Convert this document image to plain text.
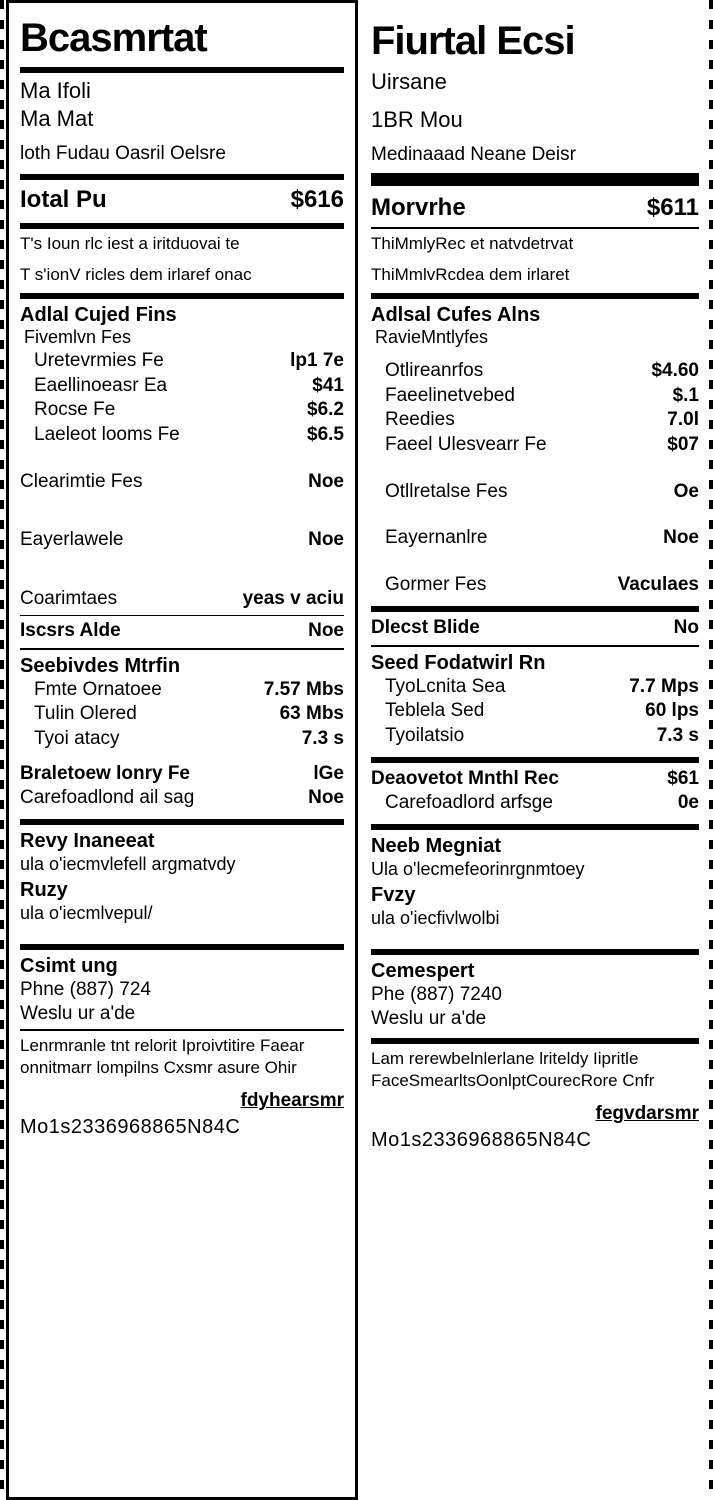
Bcasmrtat
Ma Ifoli
Ma Mat
loth Fudau Oasril Oelsre
Iotal Pu	$616
T's Ioun rlc iest a iritduovai te
T s'ionV ricles dem irlaref onac
Adlal Cujed Fins
Fivemlvn Fes
Uretevrmies Fe	lp1 7e
Eaellinoeasr Ea	$41
Rocse Fe	$6.2
Laeleot looms Fe	$6.5
Clearimtie Fes	Noe
Eayerlawele	Noe
Coarimtaes	yeas v aciu
Iscsrs Alde	Noe
Seebivdes Mtrfin
Fmte Ornatoee	7.57 Mbs
Tulin Olered	63 Mbs
Tyoi atacy	7.3 s
Braletoew lonry Fe	lGe
Carefoadlond ail sag	Noe
Revy Inaneeat
ula o'iecmvlefell argmatvdy
Ruzy
ula o'iecmlvepul/
Csimt ung
Phne (887) 724
Weslu ur a'de
Lenrmranle tnt relorit Iproivtitire Faear onnitmarr lompilns Cxsmr asure Ohir
fdyhearsmr
Mo1s2336968865N84C
Fiurtal Ecsi
Uirsane
1BR Mou
Medinaaad Neane Deisr
Morvrhe	$611
ThiMmlyRec et natvdetrvat
ThiMmlvRcdea dem irlaret
Adlsal Cufes Alns
RavieMntlyfes
Otlireanrfos	$4.60
Faeelinetvebed	$.1
Reedies	7.0l
Faeel Ulesvearr Fe	$07
Otllretalse Fes	Oe
Eayernanlre	Noe
Gormer Fes	Vaculaes
Dlecst Blide	No
Seed Fodatwirl Rn
TyoLcnita Sea	7.7 Mps
Teblela Sed	60 lps
Tyoilatsio	7.3 s
Deaovetot Mnthl Rec	$61
Carefoadlord arfsge	0e
Neeb Megniat
Ula o'lecmefeorinrgnmtoey
Fvzy
ula o'iecfivlwolbi
Cemespert
Phe (887) 7240
Weslu ur a'de
Lam rerewbelnlerlane lriteldy Iipritle FaceSmearltsOonlptCourecRore Cnfr
fegvdarsmr
Mo1s2336968865N84C
